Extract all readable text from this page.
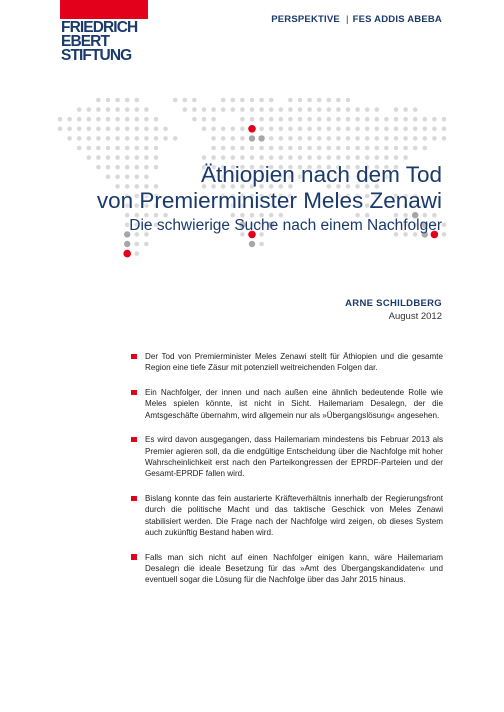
FRIEDRICH
EBERT
STIFTUNG
PERSPEKTIVE | FES ADDIS ABEBA
Äthiopien nach dem Tod
von Premierminister Meles Zenawi
Die schwierige Suche nach einem Nachfolger
ARNE SCHILDBERG
August 2012
Der Tod von Premierminister Meles Zenawi stellt für Äthiopien und die gesamte Region eine tiefe Zäsur mit potenziell weitreichenden Folgen dar.
Ein Nachfolger, der innen und nach außen eine ähnlich bedeutende Rolle wie Meles spielen könnte, ist nicht in Sicht. Hailemariam Desalegn, der die Amtsgeschäfte übernahm, wird allgemein nur als »Übergangslösung« angesehen.
Es wird davon ausgegangen, dass Hailemariam mindestens bis Februar 2013 als Premier agieren soll, da die endgültige Entscheidung über die Nachfolge mit hoher Wahrscheinlichkeit erst nach den Parteikongressen der EPRDF-Parteien und der Gesamt-EPRDF fallen wird.
Bislang konnte das fein austarierte Kräfteverhältnis innerhalb der Regierungsfront durch die politische Macht und das taktische Geschick von Meles Zenawi stabilisiert werden. Die Frage nach der Nachfolge wird zeigen, ob dieses System auch zukünftig Bestand haben wird.
Falls man sich nicht auf einen Nachfolger einigen kann, wäre Hailemariam Desalegn die ideale Besetzung für das »Amt des Übergangskandidaten« und eventuell sogar die Lösung für die Nachfolge über das Jahr 2015 hinaus.
